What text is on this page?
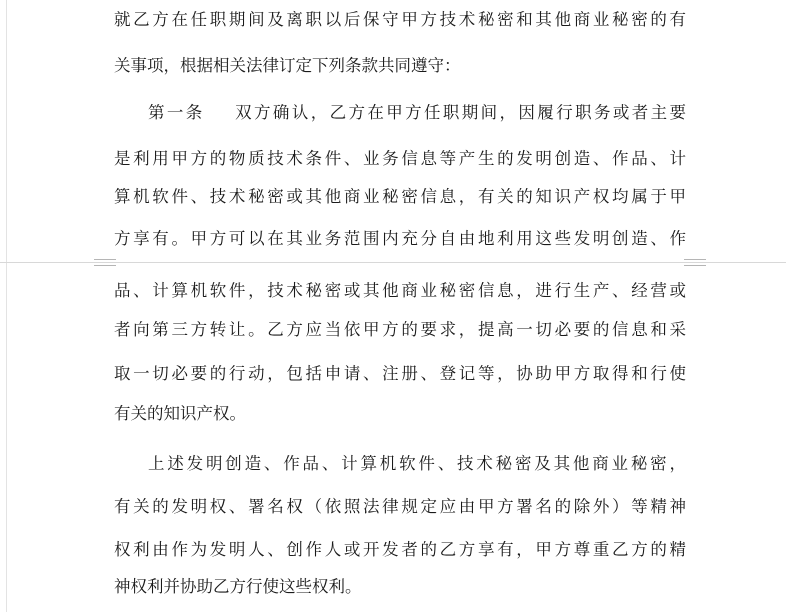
就乙方在任职期间及离职以后保守甲方技术秘密和其他商业秘密的有
关事项，根据相关法律订定下列条款共同遵守：
第一条    双方确认，乙方在甲方任职期间，因履行职务或者主要
是利用甲方的物质技术条件、业务信息等产生的发明创造、作品、计
算机软件、技术秘密或其他商业秘密信息，有关的知识产权均属于甲
方享有。甲方可以在其业务范围内充分自由地利用这些发明创造、作
品、计算机软件，技术秘密或其他商业秘密信息，进行生产、经营或
者向第三方转让。乙方应当依甲方的要求，提高一切必要的信息和采
取一切必要的行动，包括申请、注册、登记等，协助甲方取得和行使
有关的知识产权。
上述发明创造、作品、计算机软件、技术秘密及其他商业秘密，
有关的发明权、署名权（依照法律规定应由甲方署名的除外）等精神
权利由作为发明人、创作人或开发者的乙方享有，甲方尊重乙方的精
神权利并协助乙方行使这些权利。
